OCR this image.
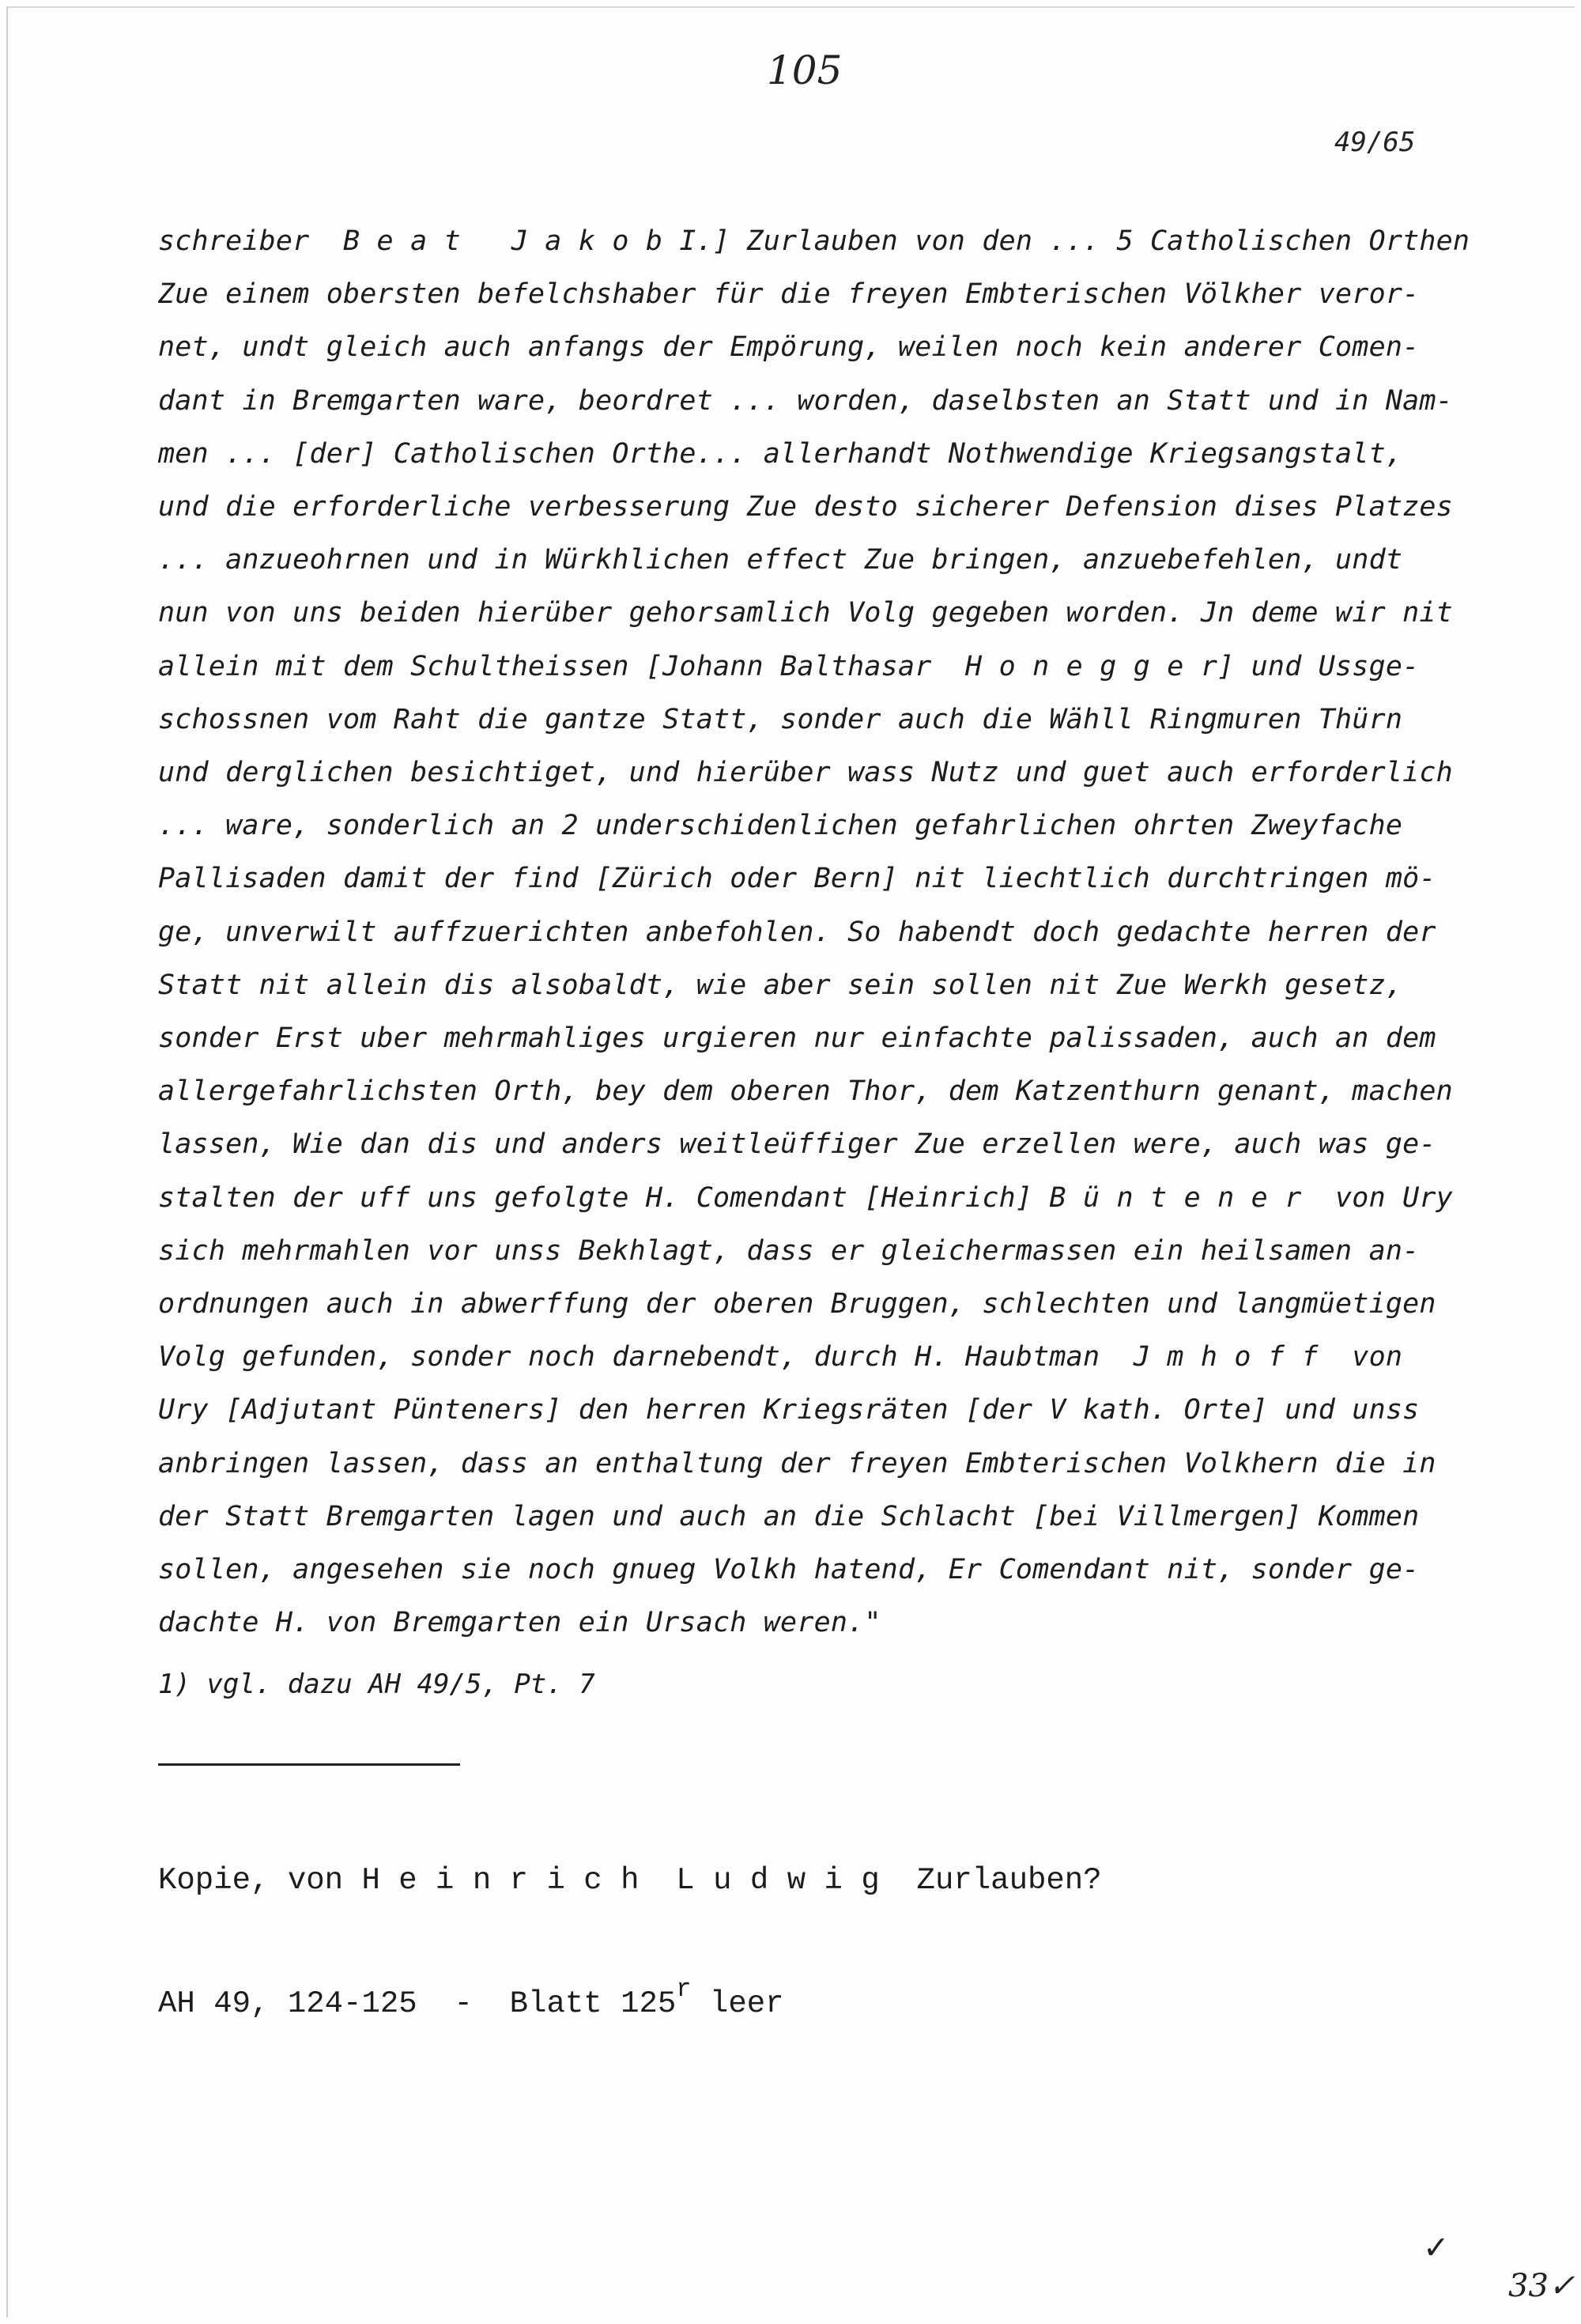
105
49/65
schreiber  B e a t   J a k o b I.] Zurlauben von den ... 5 Catholischen Orthen
Zue einem obersten befelchshaber für die freyen Embterischen Völkher veror-
net, undt gleich auch anfangs der Empörung, weilen noch kein anderer Comen-
dant in Bremgarten ware, beordret ... worden, daselbsten an Statt und in Nam-
men ... [der] Catholischen Orthe... allerhandt Nothwendige Kriegsangstalt,
und die erforderliche verbesserung Zue desto sicherer Defension dises Platzes
... anzueohrnen und in Würkhlichen effect Zue bringen, anzuebefehlen, undt
nun von uns beiden hierüber gehorsamlich Volg gegeben worden. Jn deme wir nit
allein mit dem Schultheissen [Johann Balthasar  H o n e g g e r] und Ussge-
schossnen vom Raht die gantze Statt, sonder auch die Wähll Ringmuren Thürn
und derglichen besichtiget, und hierüber wass Nutz und guet auch erforderlich
... ware, sonderlich an 2 underschidenlichen gefahrlichen ohrten Zweyfache
Pallisaden damit der find [Zürich oder Bern] nit liechtlich durchtringen mö-
ge, unverwilt auffzuerichten anbefohlen. So habendt doch gedachte herren der
Statt nit allein dis alsobaldt, wie aber sein sollen nit Zue Werkh gesetz,
sonder Erst uber mehrmahliges urgieren nur einfachte palissaden, auch an dem
allergefahrlichsten Orth, bey dem oberen Thor, dem Katzenthurn genant, machen
lassen, Wie dan dis und anders weitleüffiger Zue erzellen were, auch was ge-
stalten der uff uns gefolgte H. Comendant [Heinrich] B ü n t e n e r  von Ury
sich mehrmahlen vor unss Bekhlagt, dass er gleichermassen ein heilsamen an-
ordnungen auch in abwerffung der oberen Bruggen, schlechten und langmüetigen
Volg gefunden, sonder noch darnebendt, durch H. Haubtman  J m h o f f  von
Ury [Adjutant Pünteners] den herren Kriegsräten [der V kath. Orte] und unss
anbringen lassen, dass an enthaltung der freyen Embterischen Volkhern die in
der Statt Bremgarten lagen und auch an die Schlacht [bei Villmergen] Kommen
sollen, angesehen sie noch gnueg Volkh hatend, Er Comendant nit, sonder ge-
dachte H. von Bremgarten ein Ursach weren."
1) vgl. dazu AH 49/5, Pt. 7

Kopie, von H e i n r i c h  L u d w i g  Zurlauben?

AH 49, 124-125  -  Blatt 125$^r$ leer

✓
33✓
